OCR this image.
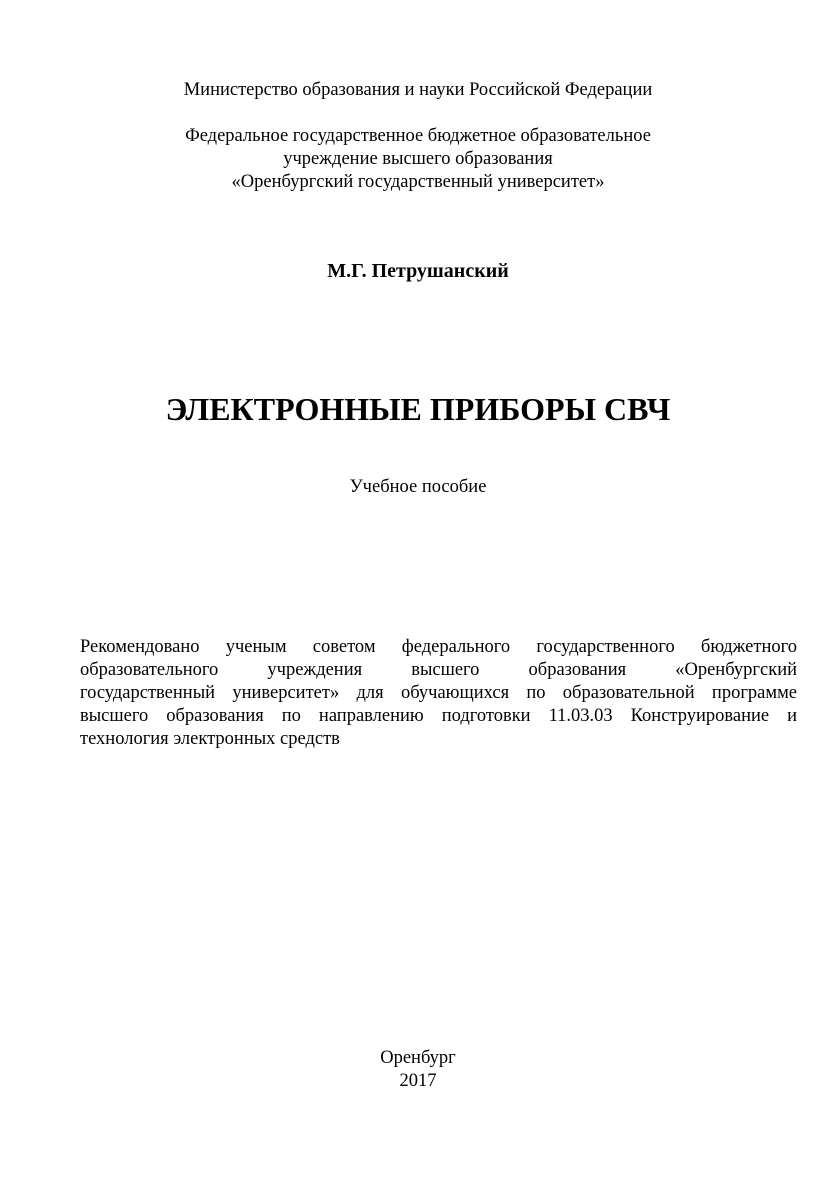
Министерство образования и науки Российской Федерации
Федеральное государственное бюджетное образовательное
учреждение высшего образования
«Оренбургский государственный университет»
М.Г. Петрушанский
ЭЛЕКТРОННЫЕ ПРИБОРЫ СВЧ
Учебное пособие
Рекомендовано ученым советом федерального государственного бюджетного
образовательного учреждения высшего образования «Оренбургский
государственный университет» для обучающихся по образовательной программе
высшего образования по направлению подготовки 11.03.03 Конструирование и
технология электронных средств
Оренбург
2017
